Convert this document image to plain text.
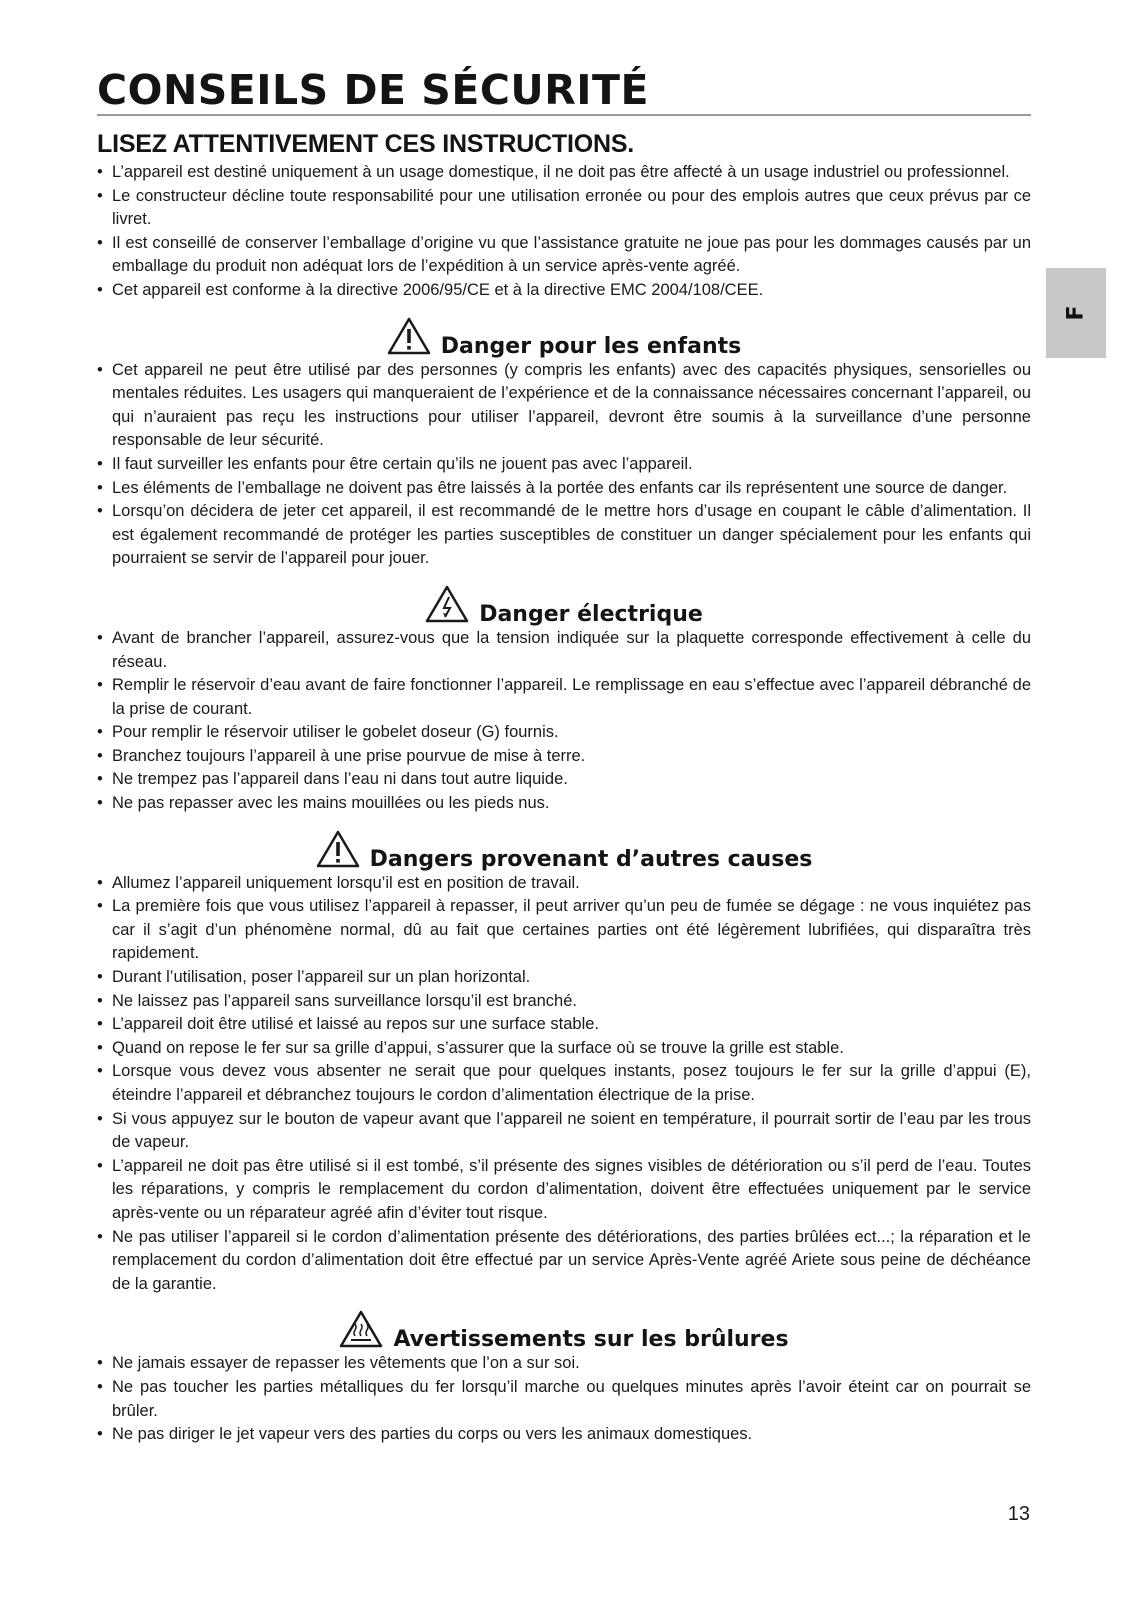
CONSEILS DE SÉCURITÉ
F
LISEZ ATTENTIVEMENT CES INSTRUCTIONS.
• L’appareil est destiné uniquement à un usage domestique, il ne doit pas être affecté à un usage industriel ou professionnel.
• Le constructeur décline toute responsabilité pour une utilisation erronée ou pour des emplois autres que ceux prévus par ce livret.
• Il est conseillé de conserver l’emballage d’origine vu que l’assistance gratuite ne joue pas pour les dommages causés par un emballage du produit non adéquat lors de l’expédition à un service après-vente agréé.
• Cet appareil est conforme à la directive 2006/95/CE et à la directive EMC 2004/108/CEE.
Danger pour les enfants
• Cet appareil ne peut être utilisé par des personnes (y compris les enfants) avec des capacités physiques, sensorielles ou mentales réduites. Les usagers qui manqueraient de l’expérience et de la connaissance nécessaires concernant l’appareil, ou qui n’auraient pas reçu les instructions pour utiliser l’appareil, devront être soumis à la surveillance d’une personne responsable de leur sécurité.
• Il faut surveiller les enfants pour être certain qu’ils ne jouent pas avec l’appareil.
• Les éléments de l’emballage ne doivent pas être laissés à la portée des enfants car ils représentent une source de danger.
• Lorsqu’on décidera de jeter cet appareil, il est recommandé de le mettre hors d’usage en coupant le câble d’alimentation. Il est également recommandé de protéger les parties susceptibles de constituer un danger spécialement pour les enfants qui pourraient se servir de l’appareil pour jouer.
Danger électrique
• Avant de brancher l’appareil, assurez-vous que la tension indiquée sur la plaquette corresponde effectivement à celle du réseau.
• Remplir le réservoir d’eau avant de faire fonctionner l’appareil. Le remplissage en eau s’effectue avec l’appareil débranché de la prise de courant.
• Pour remplir le réservoir utiliser le gobelet doseur (G) fournis.
• Branchez toujours l’appareil à une prise pourvue de mise à terre.
• Ne trempez pas l’appareil dans l’eau ni dans tout autre liquide.
• Ne pas repasser avec les mains mouillées ou les pieds nus.
Dangers provenant d’autres causes
• Allumez l’appareil uniquement lorsqu’il est en position de travail.
• La première fois que vous utilisez l’appareil à repasser, il peut arriver qu’un peu de fumée se dégage : ne vous inquiétez pas car il s’agit d’un phénomène normal, dû au fait que certaines parties ont été légèrement lubrifiées, qui disparaîtra très rapidement.
• Durant l’utilisation, poser l’appareil sur un plan horizontal.
• Ne laissez pas l’appareil sans surveillance lorsqu’il est branché.
• L’appareil doit être utilisé et laissé au repos sur une surface stable.
• Quand on repose le fer sur sa grille d’appui, s’assurer que la surface où se trouve la grille est stable.
• Lorsque vous devez vous absenter ne serait que pour quelques instants, posez toujours le fer sur la grille d’appui (E), éteindre l’appareil et débranchez toujours le cordon d’alimentation électrique de la prise.
• Si vous appuyez sur le bouton de vapeur avant que l’appareil ne soient en température, il pourrait sortir de l’eau par les trous de vapeur.
• L’appareil ne doit pas être utilisé si il est tombé, s’il présente des signes visibles de détérioration ou s’il perd de l’eau. Toutes les réparations, y compris le remplacement du cordon d’alimentation, doivent être effectuées uniquement par le service après-vente ou un réparateur agréé afin d’éviter tout risque.
• Ne pas utiliser l’appareil si le cordon d’alimentation présente des détériorations, des parties brûlées ect...; la réparation et le remplacement du cordon d’alimentation doit être effectué par un service Après-Vente agréé Ariete sous peine de déchéance de la garantie.
Avertissements sur les brûlures
• Ne jamais essayer de repasser les vêtements que l’on a sur soi.
• Ne pas toucher les parties métalliques du fer lorsqu’il marche ou quelques minutes après l’avoir éteint car on pourrait se brûler.
• Ne pas diriger le jet vapeur vers des parties du corps ou vers les animaux domestiques.
13
